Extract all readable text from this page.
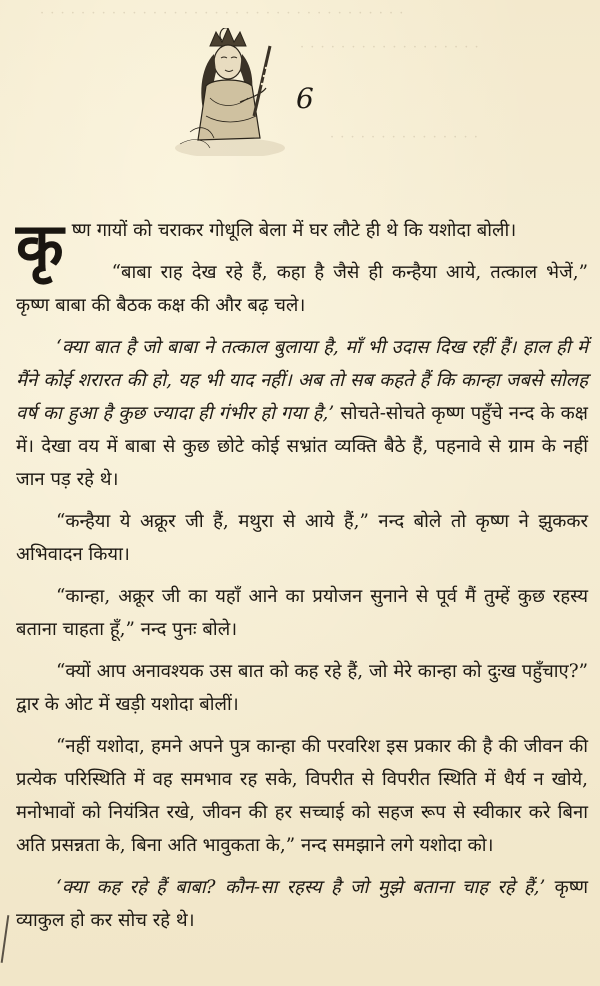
· · · · · · · · · · · · · · · · · · · · · · · · · · · · · · · · · · · ·
· · · · · · · · · · · · · · · · · ·
· · · · · · · · · · · · · · ·
6

कृष्ण गायों को चराकर गोधूलि बेला में घर लौटे ही थे कि यशोदा बोली।

“बाबा राह देख रहे हैं, कहा है जैसे ही कन्हैया आये, तत्काल भेजें,” कृष्ण बाबा की बैठक कक्ष की और बढ़ चले।

‘क्या बात है जो बाबा ने तत्काल बुलाया है, माँ भी उदास दिख रहीं हैं। हाल ही में मैंने कोई शरारत की हो, यह भी याद नहीं। अब तो सब कहते हैं कि कान्हा जबसे सोलह वर्ष का हुआ है कुछ ज्यादा ही गंभीर हो गया है,’ सोचते-सोचते कृष्ण पहुँचे नन्द के कक्ष में। देखा वय में बाबा से कुछ छोटे कोई सभ्रांत व्यक्ति बैठे हैं, पहनावे से ग्राम के नहीं जान पड़ रहे थे।

“कन्हैया ये अक्रूर जी हैं, मथुरा से आये हैं,” नन्द बोले तो कृष्ण ने झुककर अभिवादन किया।

“कान्हा, अक्रूर जी का यहाँ आने का प्रयोजन सुनाने से पूर्व मैं तुम्हें कुछ रहस्य बताना चाहता हूँ,” नन्द पुनः बोले।

“क्यों आप अनावश्यक उस बात को कह रहे हैं, जो मेरे कान्हा को दुःख पहुँचाए?” द्वार के ओट में खड़ी यशोदा बोलीं।

“नहीं यशोदा, हमने अपने पुत्र कान्हा की परवरिश इस प्रकार की है की जीवन की प्रत्येक परिस्थिति में वह समभाव रह सके, विपरीत से विपरीत स्थिति में धैर्य न खोये, मनोभावों को नियंत्रित रखे, जीवन की हर सच्चाई को सहज रूप से स्वीकार करे बिना अति प्रसन्नता के, बिना अति भावुकता के,” नन्द समझाने लगे यशोदा को।

‘क्या कह रहे हैं बाबा? कौन-सा रहस्य है जो मुझे बताना चाह रहे हैं,’ कृष्ण व्याकुल हो कर सोच रहे थे।
